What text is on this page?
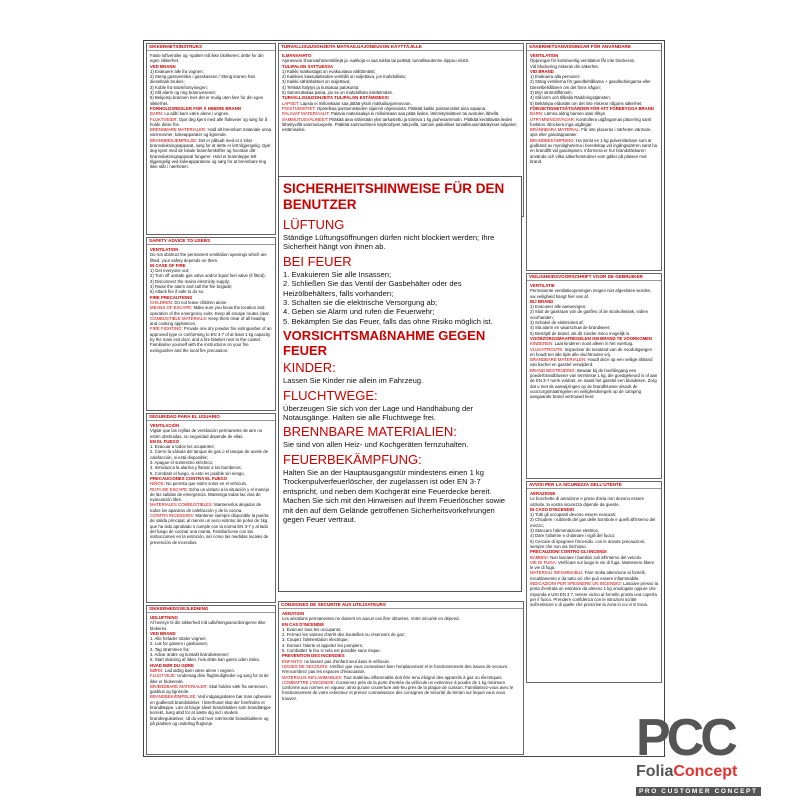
SIKKERHETSINSTRUKS

Faste luftventiler og -spalter må ikke blokkeres; dette for din egen sikkerhet.

VED BRANN

1) Evakuere alle fra vognen;

2) Steng gassventilen i gasskassen / Steng kranen hvis dieseltank brukes;

3) Koble fra strømforsyningen;

4) Slå alarm og ring brannvesenet;

5) Bekjemp brannen hvis det er mulig uten fare for din egen sikkerhet.

FORHOLDSREGLER FOR Å HINDRE BRANN

BARN: La aldri barn være alene i vognen.

FLUKTVEIER: Gjør deg kjent med alle fluktveier og sørg for å holde disse frie.

BRENNBARE MATERIALER: Hold alt brennbart materiale unna varmeovner, kokeapparater og lignende.

BRANNBEKJEMPELSE: Det er påbudt med et 2 kilos brannslukningsapparat, sørg for at dette er lett tilgjengelig. Gjør deg kjent med de lokale brannforskrifter og hvordan ditt brannslukningsapparat fungerer. Hold et brannteppe lett tilgjengelig ved kokeapparatene og sørg for at brennbare ting ikke står i nærheten.

SAFETY ADVICE TO USERS

VENTILATION

Do not obstruct the permanent ventilation openings which are fitted, your safety depends on them.

IN CASE OF FIRE

1) Get everyone out;

2) Turn off outside gas valve and/or liquid fuel valve (if fitted);

3) Disconnect the mains electricity supply;

4) Raise the alarm and call the fire brigade;

5) Attack fire if safe to do so.

FIRE PRECAUTIONS

CHILDREN: Do not leave children alone.

MEANS OF ESCAPE: Make sure you know the location and operation of the emergency exits. Keep all escape routes clear.

COMBUSTIBLE MATERIALS: Keep them clear of all heating and cooking appliances.

FIRE FIGHTING: Provide one dry powder fire extinguisher of an approved type or conforming to EN 3-7 of at least 1 kg capacity by the main exit door, and a fire blanket next to the cooker. Familiarise yourself with the instructions on your fire extinguisher and the local fire precaution.

SEGURIDAD PARA EL USUARIO

VENTILACIÓN

Vigilar que las rejillas de ventilación permanente de aire no estén obstruidas, su seguridad depende de ellas.

EN EL FUEGO

1. Evacuar a todos los ocupantes;

2. Cierre la válvula del tanque de gas o el tanque de aceite de calefacción, si está disponible;

3. Apague el suministro eléctrico;

4. Introduzca la alarma y llamar a los bomberos;

5. Combatir el fuego, si esto es posible sin riesgo.

PRECAUCIONES CONTRA EL FUEGO

NIÑOS: No permita que estén solos en el vehículo.

RUTA DE ESCAPE: Echa un vistazo a la situación y el manejo de las salidas de emergencia. Mantenga todas las vías de evacuación libre.

MATERIALES COMBUSTIBLES: Mantenerlos alejados de todos los aparatos de calefacción y de la cocina.

CONTRA INCENDIOS: Mantener siempre disponible la puerta de salida principal, al menos un seco extintor de polvo de 1kg que ha sido aprobado o cumple con la norma EN 3-7 y al lado del fuego de cocinar una manta. Familiarícese con las instrucciones en la extinción, así como las medidas locales de prevención de incendios.

TURVALLISUUSOHJEITA MATKAILUAJONEUVON KÄYTTÄJILLE

ILMANVAIHTO

Ajoneuvon ilmanvaihtoventtiilejä ja -aukkoja ei saa tukkia tai peittää; turvallisuutenne riippuu niistä.

TULIPALON SATTUESSA

1) Kaikki matkustajat on evakuoitava välittömästi;

2) Kaikkien kaasulaitteiden venttiilit on suljettava, jos mahdollista;

3) Kaikki sähkölaitteet on suljettava;

4) Tehkää hälytys ja kutsukaa palokunta;

5) Sammuttakaa paloa, jos se on mahdollista riskittömästi.

TURVALLISUUSOHJEITA TULIPALON ESTÄMISEKSI

LAPSET: Lapsia ei milloinkaan saa jättää yksin matkailuajoneuvoon.

POISTUMISTIET: Opetelkaa poistumisteiden sijainnit ohjeistoista. Pitäkää kaikki poistumistiet aina vapaina.

PALAVAT MATERIAALIT: Palavia materiaaleja ei milloinkaan saa pitää lieden, lämmityslaitteen tai avotulen lähellä.

SAMMUTUSVÄLINEET: Pitäkää aina vähintään yksi tarkastettu ja toimiva 1 kg jauhesammutin. Pitäkää kerättävää lieden lähettyvillä sammutuspeite. Pitäkää sammuttimen käyttöohjeet näkyvillä, samoin paikalliset turvallisuusmääräykset tulipalon estämiseksi.

SÄKERHETSANVISNINGAR FÖR ANVÄNDARE

VENTILATION

Öppningar för kontinuerlig ventilation får inte blockeras.

Vid blockering riskeras din säkerhet.

VID BRAND

1) Evakuera alla personer;

2) Stäng ventilerna för gasolbehållarna + gasolledningarna eller Dieselbehållaren om det finns någon;

3) Bryt strömtillförseln;

4) Slå larm och tillkalla Räddningstjänsten;

5) Bekämpa elduslän om det inte riskerar någons säkerhet.

FÖRSIKTIGHETSÅTGÄRDER FÖR ATT FÖREBYGGA BRAND

BARN: Lämna aldrig barnen utan tillsyn.

UTRYMNINGSVÄGAR: Kontrollera utgångarnas placering samt funktion. Blockera inga utgångar.

BRÄNNBARA MATERIAL: Får inte placeras i närheten värmare, spis eller gasolapparater.

BRANDBEKÄMPNING: Ha minst en 1-kg pulversläckare som är godkänd av myndigheterna i beredskap vid ingångsdörren samt ha en brandfilt vid gasolspisen. Informera er hur brandsläckaren används och vilka säkerhetsrutiner som gäller på platsen mot brand.

VEILIGHEIDSVOORSCHRIFT VOOR DE GEBRUIKER

VENTILATIE

Permanente ventilatieopeningen mogen niet afgesloten worden, uw veiligheid hangt hier van af.

BIJ BRAND

1) Evacueer alle aanwezigen;

2) Sluit de gaskraan van de gasfles of de stookolietank, indien voorhanden;

3) Schakel de elektriciteit af;

4) Sla alarm en waarschuw de brandweer;

5) Bestrijdt de brand, als dit zonder risico mogelijk is.

VOORZORGSMAATREGELEN OM BRAND TE VOORKOMEN

KINDEREN: Laat kinderen nooit alleen in het voertuig.

VLUCHTROUTE: Inspecteer de toestand van de nooduitgangen en houdt ten alle tijde alle vluchtroutes vrij.

BRANDBARE MATERIALEN: Houdt deze op een veilige afstand van kachel en gasstel verwijderd.

BRAND BESTRIJDING: Bewaar bij de hoofdingang een poederbrandblusser van tenminste 1 kg, die goedgekeurd is of aan de EN 3-7 norm voldoet, en naast het gasstel een blusdeken. Zorg dat u met de aanwijzingen op de brandblusser alsook de voorzorgsmaatregelen en veiligheidsregels op de camping aangaande brand vertrouwd bent.

AVVISI PER LA SICUREZZA DELL'UTENTE

AERAZIONE

Le bocchette di aerazione e prese d'aria non devono essere ostruite, la vostra sicurezza dipende da queste.

IN CASO D'INCENDIO

1) Tutti gli occupanti devono essere evacuati;

2) Chiudere i rubinetti del gas delle bombole e quelli all'interno del mezzo;

3) Staccare l'alimentazione elettrica;

4) Dare l'allarme e chiamare i vigili del fuoco;

5) Cercare di spegnere l'incendio, con le dovute precauzioni, sempre che non sia rischioso.

PRECAUZIONI CONTRO GLI INCENDI

BAMBINI: Non lasciare i bambini soli all'interno del veicolo.

VIE DI FUGA: Verificare sul luogo le vie di fuga. Mantenere libere le vie di fuga.

MATERIALI INFIAMMABILI: Fare molta attenzione ai fornelli, riscaldamento e da tutto ciò che può essere infiammabile.

INDICAZIONI PER SPEGNERE UN INCENDIO: Lasciare presso la porta d'entrata un estintore da almeno 1 kg omologato oppure che risponda a UNI EN 3 7, tenere vicino al fornello pronta una coperta per il fuoco. Prendere confidenza con le istruzioni scritte sull'estintore e di quelle che prescrive la zona in cui vi si trova.

SIKKERHEDSVEJLEDNING

UDLUFTNING

Af hensyn til din sikkerhed må udluftningsanordningerne ikke blokeres.

VED BRAND

1. Alle forlader straks vognen;

2. Luk for gassen i gaskassen;

3. Tag strømmen fra;

4. Advar andre og kontakt brandvæsenet;

5. Start slukning af ilden, hvis dette kan gøres uden risiko.

HVAD BØR DU GØRE

BØRN: Lad aldrig børn være alene i vognen.

FLUGTVEJE: Undersøg dine flugtmuligheder og sørg for at de ikke er blokerede.

BRÆNDBARE MATERIALER: Skal holdes væk fra varmeovn, gasblus og lignende.

BRANDBEKÆMPELSE: Ved indgangsdøren bør man opbevare en godkendt brandslukker. I førerhuset skal der forefindes et brandtæppe. Lær at bruge såvel brandslukker som brandtæppe korrekt. Sørg altid for at sætte dig ind i stedets brandreguleativer, så du ved hvor nærmeste brandslukkere og på pladsen og underlag flugtveje.

CONSIGNES DE SECURITE AUX UTILISATEURS

AERATION

Les aérations permanentes ne doivent en aucun cas être obturées. Votre sécurité en dépend.

EN CAS D'INCENDIE

1. Evacuez tous les occupants;

2. Fermez les vannes d'arrêt des bouteilles ou réservoirs de gaz;

3. Coupez l'alimentation électrique;

4. Donnez l'alerte et appelez les pompiers;

5. Combattez le feu si cela est possible sans risque.

PREVENTION DES INCENDIES

ENFANTS: ne laissez pas d'enfant seul dans le véhicule.

ISSUES DE SECOURS: Vérifiez que vous connaissez bien l'emplacement et le fonctionnement des issues de secours. N'encombrez pas les espaces d'évacuation.

MATERIAUX INFLAMMABLES: Tout matériau inflammable doit être tenu éloigné des appareils à gaz ou électriques.

COMBATTRE L'INCENDIE: Conservez près de la porte d'entrée du véhicule un extincteur à poudre de 1 kg minimum conforme aux normes en vigueur, ainsi qu'une couverture anti-feu près de la plaque de cuisson. Familiarisez-vous avec le fonctionnement de votre extincteur et prenez connaissance des consignes de sécurité du terrain sur lequel vous vous trouvez.

SICHERHEITSHINWEISE FÜR DEN BENUTZER
LÜFTUNG

Ständige Lüftungsöffnungen dürfen nicht blockiert werden; Ihre Sicherheit hängt von ihnen ab.

BEI FEUER

1. Evakuieren Sie alle Insassen;

2. Schließen Sie das Ventil der Gasbehälter oder des Heizölbehälters, falls vorhanden;

3. Schalten sie die elektrische Versorgung ab;

4. Geben sie Alarm und rufen die Feuerwehr;

5. Bekämpfen Sie das Feuer, falls das ohne Risiko möglich ist.

VORSICHTSMAßNAHME GEGEN FEUER
KINDER:

Lassen Sie Kinder nie allein im Fahrzeug.

FLUCHTWEGE:

Überzeugen Sie sich von der Lage und Handhabung der Notausgänge. Halten sie alle Fluchtwege frei.

BRENNBARE MATERIALIEN:

Sie sind von allen Heiz- und Kochgeräten fernzuhalten.

FEUERBEKÄMPFUNG:

Halten Sie an der Hauptausgangstür mindestens einen 1 kg Trockenpulverfeuerlöscher, der zugelassen ist oder EN 3-7 entspricht, und neben dem Kochgerät eine Feuerdecke bereit. Machen Sie sich mit den Hinweisen auf Ihrem Feuerlöscher sowie mit den auf dem Gelände getroffenen Sicherheitsvorkehrungen gegen Feuer vertraut.

PCC
FoliaConcept
PRO CUSTOMER CONCEPT
